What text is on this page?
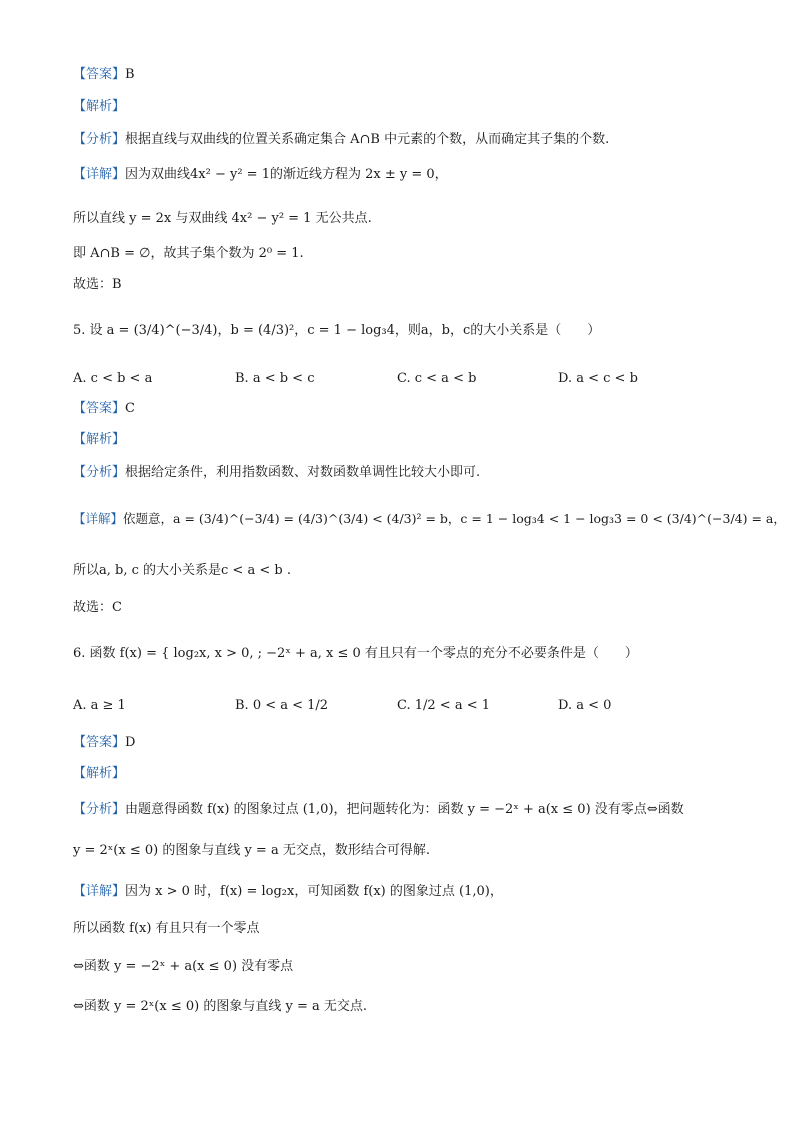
【答案】B
【解析】
【分析】根据直线与双曲线的位置关系确定集合 A∩B 中元素的个数，从而确定其子集的个数.
【详解】因为双曲线4x² − y² = 1的渐近线方程为 2x ± y = 0，
所以直线 y = 2x 与双曲线 4x² − y² = 1 无公共点.
即 A∩B = ∅，故其子集个数为 2⁰ = 1.
故选：B
5. 设 a = (3/4)^(−3/4)，b = (4/3)²，c = 1 − log₃4，则a，b，c的大小关系是（　　）
A. c < b < a	B. a < b < c	C. c < a < b	D. a < c < b
【答案】C
【解析】
【分析】根据给定条件，利用指数函数、对数函数单调性比较大小即可.
【详解】依题意，a = (3/4)^(−3/4) = (4/3)^(3/4) < (4/3)² = b，c = 1 − log₃4 < 1 − log₃3 = 0 < (3/4)^(−3/4) = a，
所以a, b, c 的大小关系是c < a < b .
故选：C
6. 函数 f(x) = { log₂x, x > 0, ; −2ˣ + a, x ≤ 0 有且只有一个零点的充分不必要条件是（　　）
A. a ≥ 1	B. 0 < a < 1/2	C. 1/2 < a < 1	D. a < 0
【答案】D
【解析】
【分析】由题意得函数 f(x) 的图象过点 (1,0)，把问题转化为：函数 y = −2ˣ + a(x ≤ 0) 没有零点⇔函数
y = 2ˣ(x ≤ 0) 的图象与直线 y = a 无交点，数形结合可得解.
【详解】因为 x > 0 时，f(x) = log₂x，可知函数 f(x) 的图象过点 (1,0)，
所以函数 f(x) 有且只有一个零点
⇔函数 y = −2ˣ + a(x ≤ 0) 没有零点
⇔函数 y = 2ˣ(x ≤ 0) 的图象与直线 y = a 无交点.
